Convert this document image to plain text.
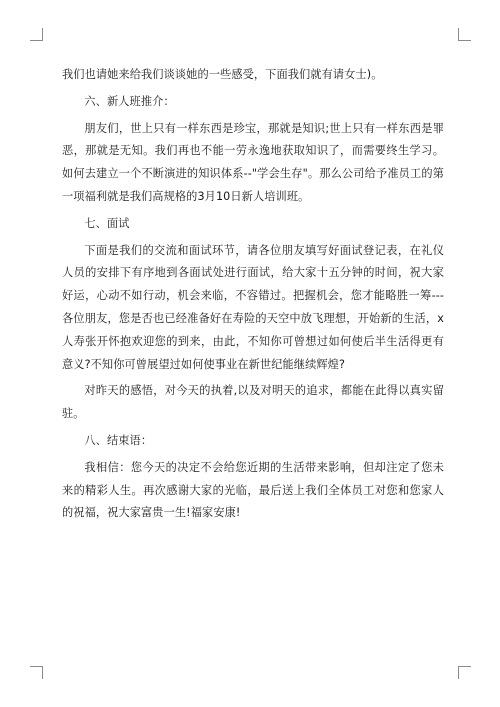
我们也请她来给我们谈谈她的一些感受，下面我们就有请女士)。

六、新人班推介：

朋友们，世上只有一样东西是珍宝，那就是知识;世上只有一样东西是罪恶，那就是无知。我们再也不能一劳永逸地获取知识了，而需要终生学习。如何去建立一个不断演进的知识体系--"学会生存"。那么公司给予准员工的第一项福利就是我们高规格的3月10日新人培训班。

七、面试

下面是我们的交流和面试环节，请各位朋友填写好面试登记表，在礼仪人员的安排下有序地到各面试处进行面试，给大家十五分钟的时间，祝大家好运，心动不如行动，机会来临，不容错过。把握机会，您才能略胜一筹---各位朋友，您是否也已经准备好在寿险的天空中放飞理想，开始新的生活，x人寿张开怀抱欢迎您的到来，由此，不知你可曾想过如何使后半生活得更有意义?不知你可曾展望过如何使事业在新世纪能继续辉煌?

对昨天的感悟，对今天的执着,以及对明天的追求，都能在此得以真实留驻。

八、结束语：

我相信：您今天的决定不会给您近期的生活带来影响，但却注定了您未来的精彩人生。再次感谢大家的光临，最后送上我们全体员工对您和您家人的祝福，祝大家富贵一生!福家安康!
